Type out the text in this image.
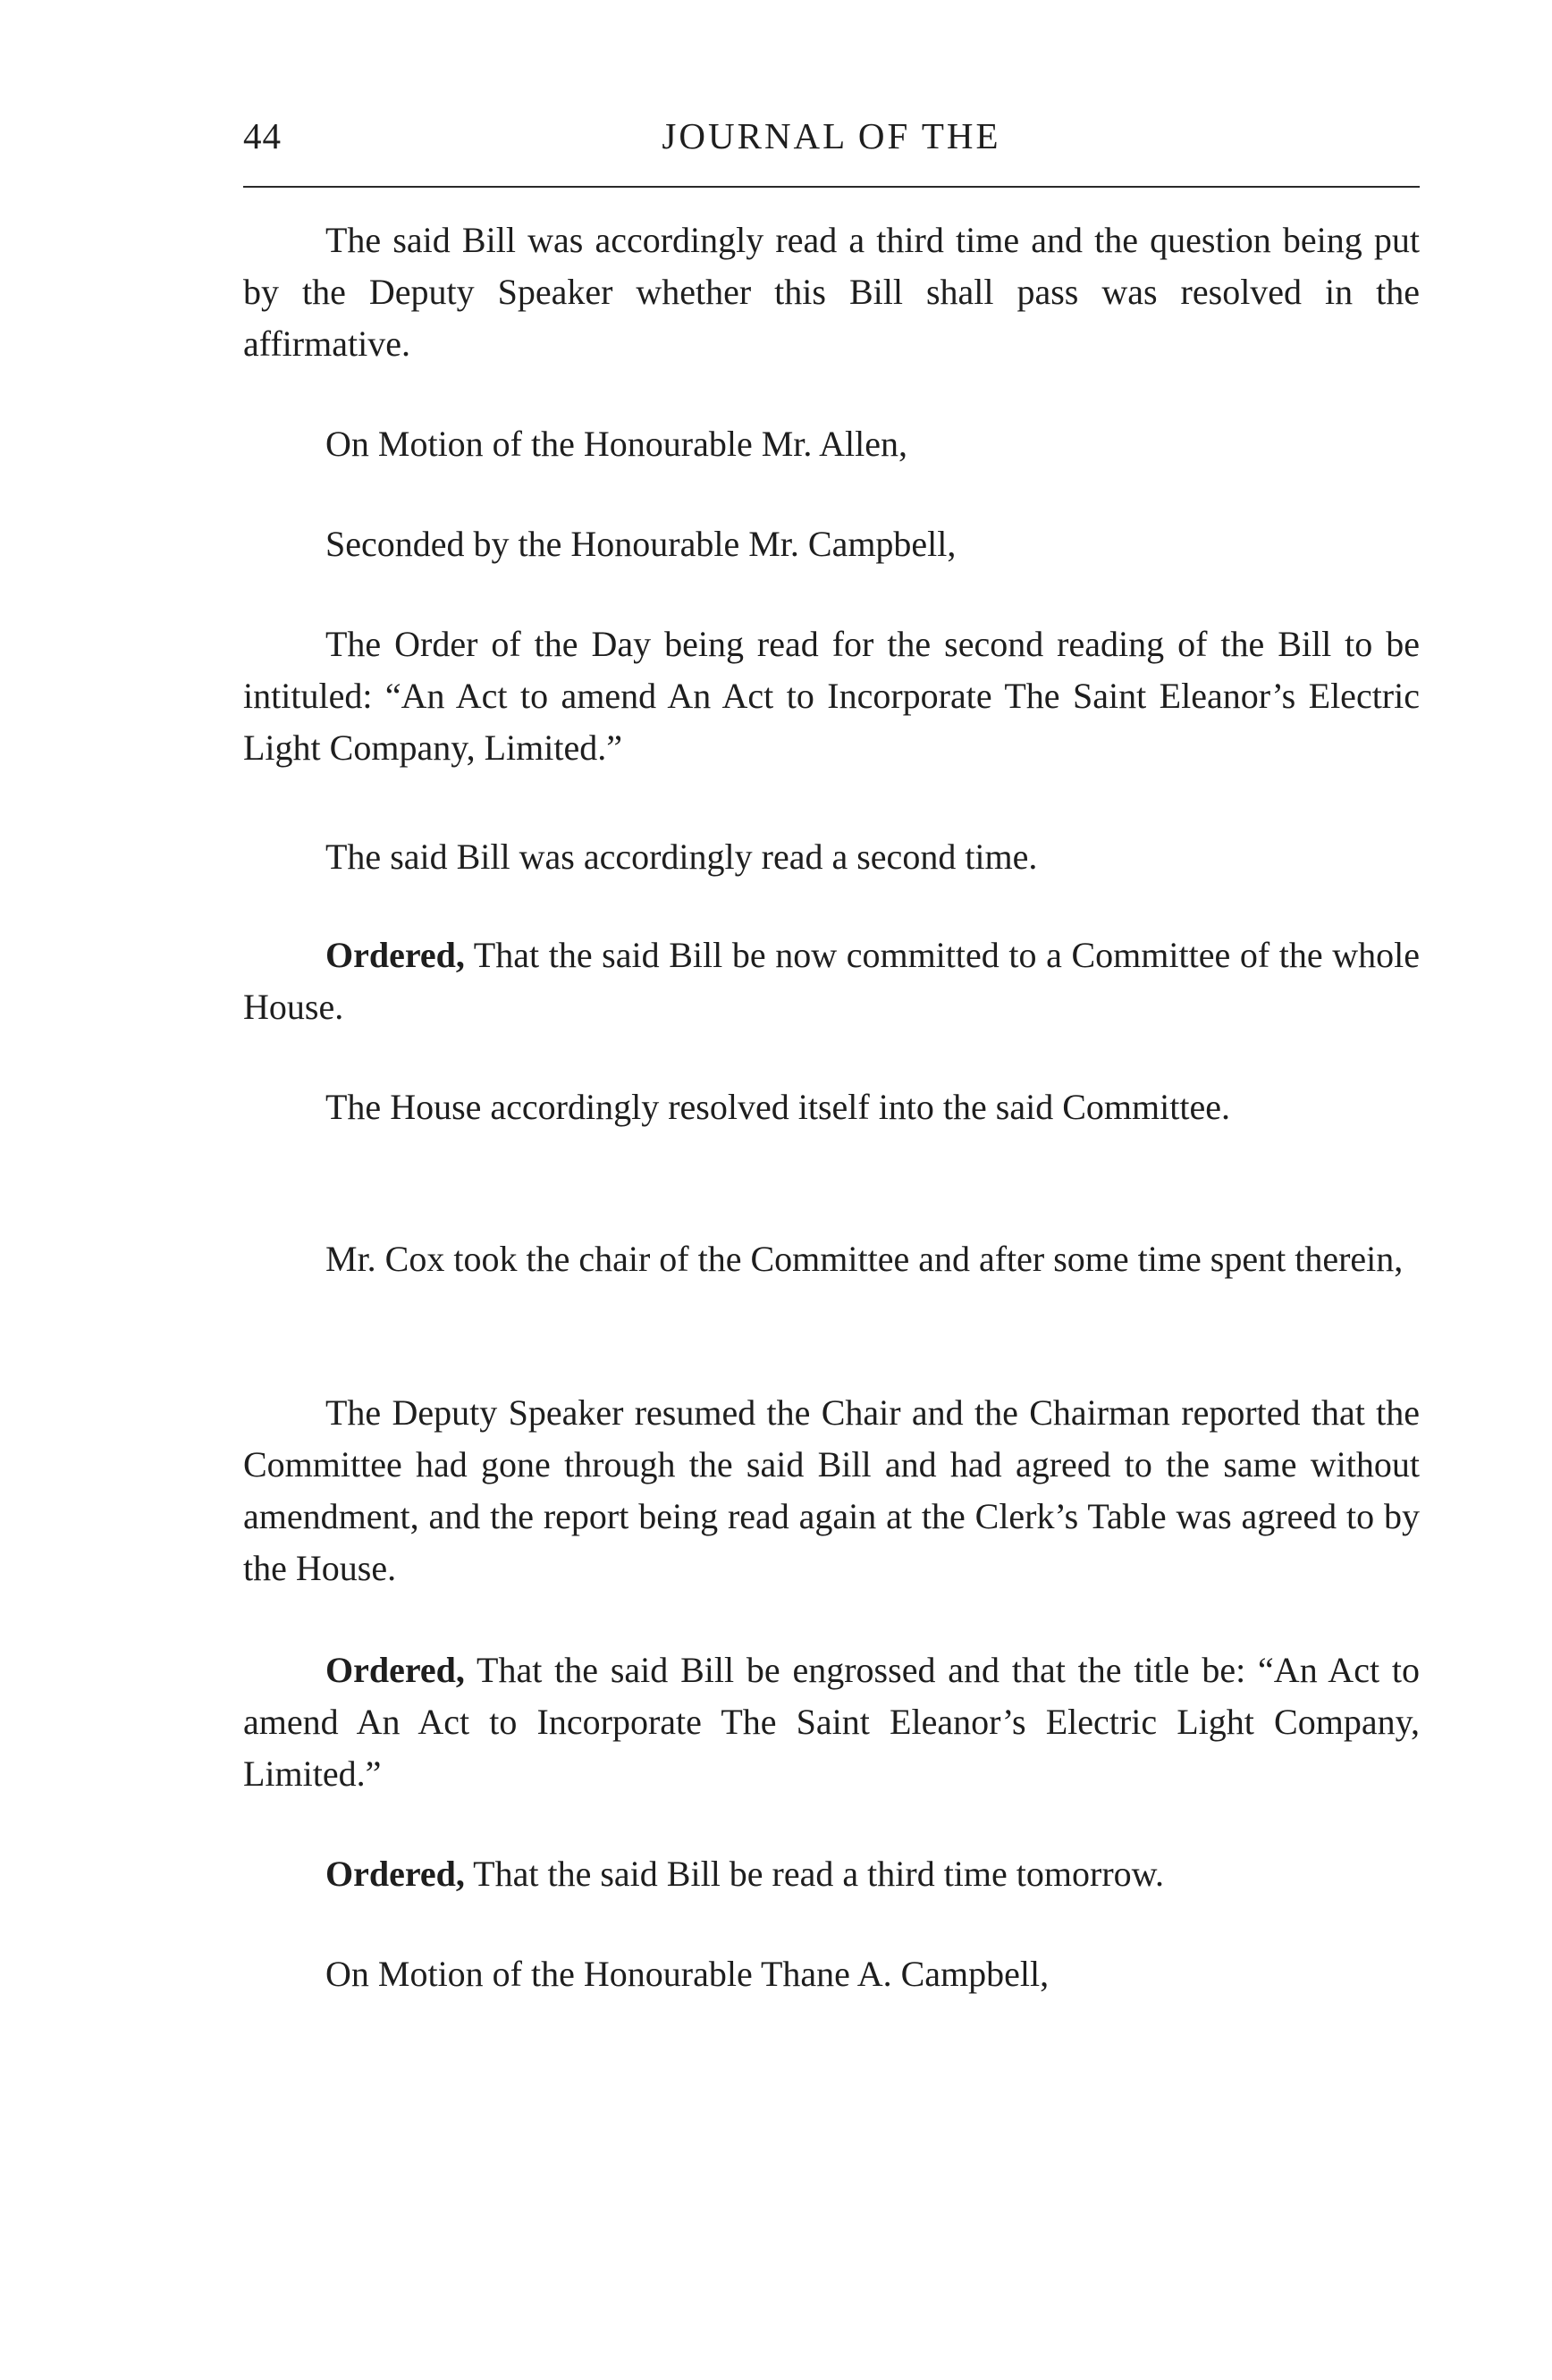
44	JOURNAL OF THE

The said Bill was accordingly read a third time and the question being put by the Deputy Speaker whether this Bill shall pass was resolved in the affirmative.

On Motion of the Honourable Mr. Allen,

Seconded by the Honourable Mr. Campbell,

The Order of the Day being read for the second reading of the Bill to be intituled: “An Act to amend An Act to Incorporate The Saint Eleanor’s Electric Light Company, Limited.”

The said Bill was accordingly read a second time.

Ordered, That the said Bill be now committed to a Committee of the whole House.

The House accordingly resolved itself into the said Committee.

Mr. Cox took the chair of the Committee and after some time spent therein,

The Deputy Speaker resumed the Chair and the Chairman reported that the Committee had gone through the said Bill and had agreed to the same without amendment, and the report being read again at the Clerk’s Table was agreed to by the House.

Ordered, That the said Bill be engrossed and that the title be: “An Act to amend An Act to Incorporate The Saint Eleanor’s Electric Light Company, Limited.”

Ordered, That the said Bill be read a third time tomorrow.

On Motion of the Honourable Thane A. Campbell,
